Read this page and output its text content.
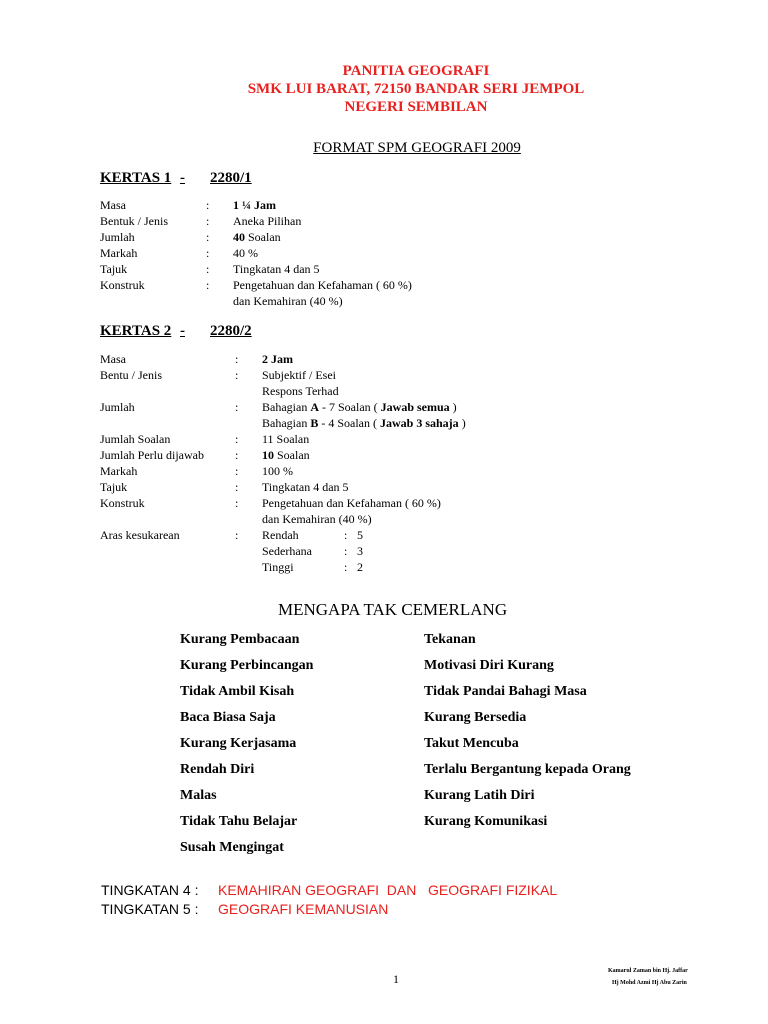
PANITIA GEOGRAFI
SMK LUI BARAT, 72150 BANDAR SERI JEMPOL
NEGERI SEMBILAN
FORMAT SPM GEOGRAFI 2009
KERTAS 1 - 2280/1
Masa	: 1 ¼ Jam
Bentuk / Jenis	: Aneka Pilihan
Jumlah	: 40 Soalan
Markah	: 40 %
Tajuk	: Tingkatan 4 dan 5
Konstruk	: Pengetahuan dan Kefahaman ( 60 %)
dan Kemahiran (40 %)
KERTAS 2 - 2280/2
Masa	: 2 Jam
Bentu / Jenis	: Subjektif / Esei
Respons Terhad
Jumlah	: Bahagian A - 7 Soalan ( Jawab semua )
Bahagian B - 4 Soalan ( Jawab 3 sahaja )
Jumlah Soalan	: 11 Soalan
Jumlah Perlu dijawab	: 10 Soalan
Markah	: 100 %
Tajuk	: Tingkatan 4 dan 5
Konstruk	: Pengetahuan dan Kefahaman ( 60 %)
dan Kemahiran (40 %)
Aras kesukarean	: Rendah	: 5
Sederhana	: 3
Tinggi	: 2
MENGAPA TAK CEMERLANG
Kurang Pembacaan
Kurang Perbincangan
Tidak Ambil Kisah
Baca Biasa Saja
Kurang Kerjasama
Rendah Diri
Malas
Tidak Tahu Belajar
Susah Mengingat
Tekanan
Motivasi Diri Kurang
Tidak Pandai Bahagi Masa
Kurang Bersedia
Takut Mencuba
Terlalu Bergantung kepada Orang
Kurang Latih Diri
Kurang Komunikasi
TINGKATAN 4 : KEMAHIRAN GEOGRAFI  DAN   GEOGRAFI FIZIKAL
TINGKATAN 5 : GEOGRAFI KEMANUSIAN
1
Kamarul Zaman bin Hj. Jaffar
Hj Mohd Azmi Hj Abu Zarin
